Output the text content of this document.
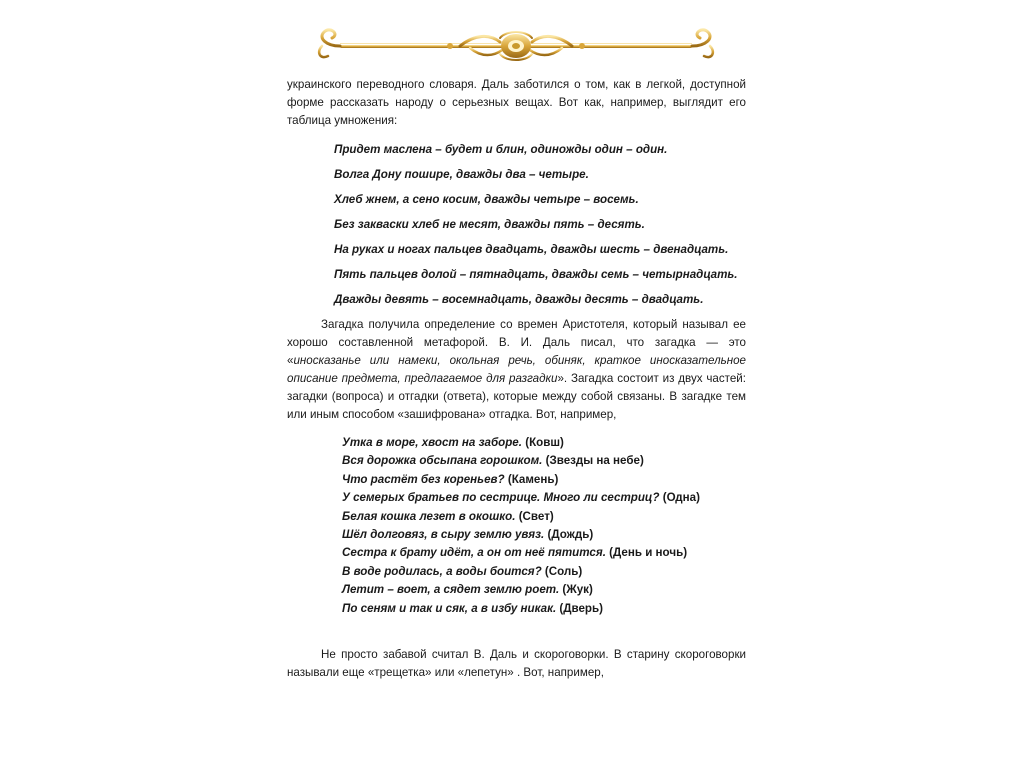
украинского переводного словаря. Даль заботился о том, как в легкой, доступной форме рассказать народу о серьезных вещах. Вот как, например, выглядит его таблица умножения:

Придет маслена – будет и блин, одиножды один – один.
Волга Дону пошире, дважды два – четыре.
Хлеб жнем, а сено косим, дважды четыре – восемь.
Без закваски хлеб не месят, дважды пять – десять.
На руках и ногах пальцев двадцать, дважды шесть – двенадцать.
Пять пальцев долой – пятнадцать, дважды семь – четырнадцать.
Дважды девять – восемнадцать, дважды десять – двадцать.

Загадка получила определение со времен Аристотеля, который называл ее хорошо составленной метафорой. В. И. Даль писал, что загадка — это «иносказанье или намеки, окольная речь, обиняк, краткое иносказательное описание предмета, предлагаемое для разгадки». Загадка состоит из двух частей: загадки (вопроса) и отгадки (ответа), которые между собой связаны. В загадке тем или иным способом «зашифрована» отгадка. Вот, например,

Утка в море, хвост на заборе. (Ковш)
Вся дорожка обсыпана горошком. (Звезды на небе)
Что растёт без кореньев? (Камень)
У семерых братьев по сестрице. Много ли сестриц? (Одна)
Белая кошка лезет в окошко. (Свет)
Шёл долговяз, в сыру землю увяз. (Дождь)
Сестра к брату идёт, а он от неё пятится. (День и ночь)
В воде родилась, а воды боится? (Соль)
Летит – воет, а сядет землю роет. (Жук)
По сеням и так и сяк, а в избу никак. (Дверь)

Не просто забавой считал В. Даль и скороговорки. В старину скороговорки называли еще «трещетка» или «лепетун» . Вот, например,
